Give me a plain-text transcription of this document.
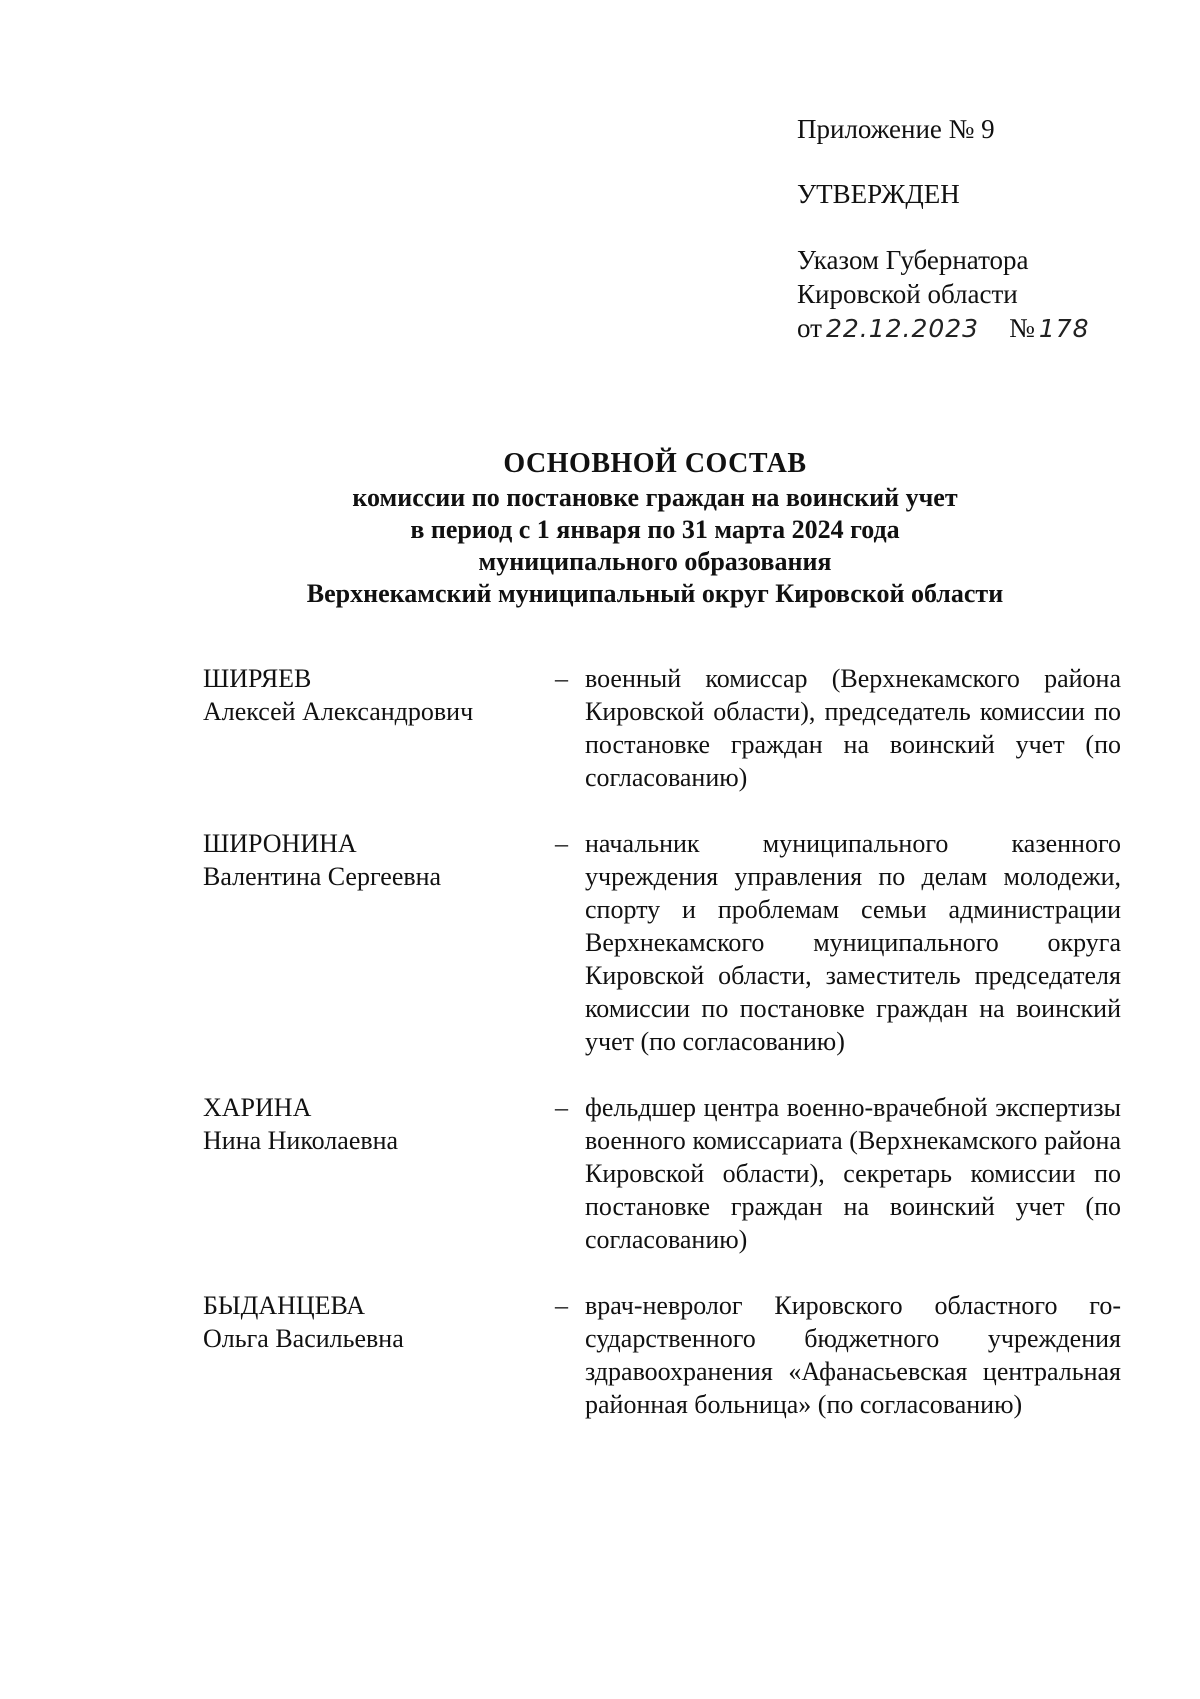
Приложение № 9
УТВЕРЖДЕН
Указом Губернатора
Кировской области
от 22.12.2023 № 178
ОСНОВНОЙ СОСТАВ
комиссии по постановке граждан на воинский учет
в период с 1 января по 31 марта 2024 года
муниципального образования
Верхнекамский муниципальный округ Кировской области
ШИРЯЕВ
Алексей Александрович
– военный комиссар (Верхнекамского района Кировской области), председатель комиссии по постановке граждан на воинский учет (по согласованию)
ШИРОНИНА
Валентина Сергеевна
– начальник муниципального казенного учреждения управления по делам молодежи, спорту и проблемам семьи администрации Верхнекамского муниципального округа Кировской области, заместитель председателя комиссии по постановке граждан на воинский учет (по согласованию)
ХАРИНА
Нина Николаевна
– фельдшер центра военно-врачебной экспертизы военного комиссариата (Верхнекамского района Кировской области), секретарь комиссии по постановке граждан на воинский учет (по согласованию)
БЫДАНЦЕВА
Ольга Васильевна
– врач-невролог Кировского областного государственного бюджетного учреждения здравоохранения «Афанасьевская центральная районная больница» (по согласованию)
